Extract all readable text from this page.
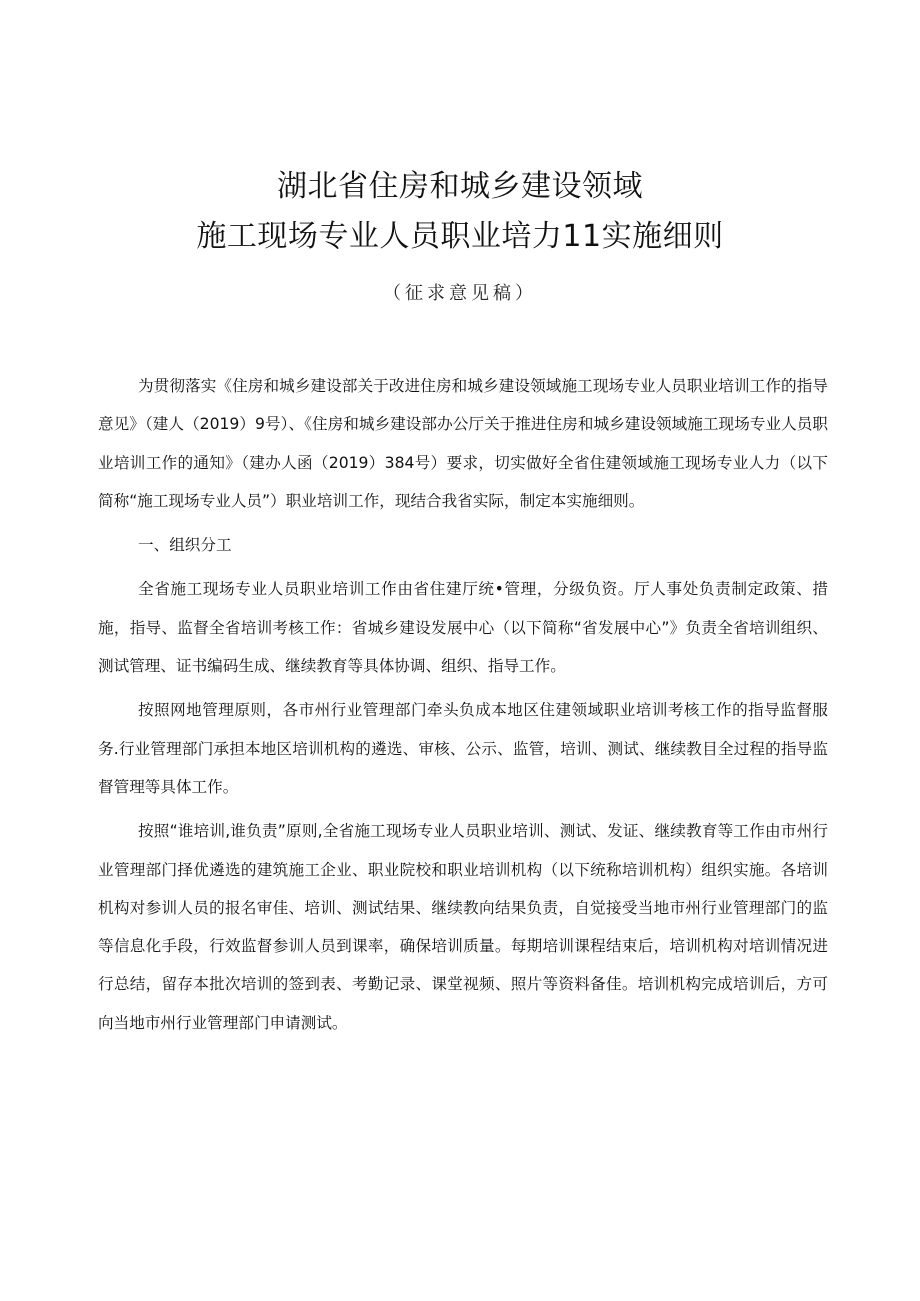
湖北省住房和城乡建设领域
施工现场专业人员职业培力11实施细则
（征求意见稿）

为贯彻落实《住房和城乡建设部关于改进住房和城乡建设领域施工现场专业人员职业培训工作的指导意见》（建人（2019）9号）、《住房和城乡建设部办公厅关于推进住房和城乡建设领域施工现场专业人员职业培训工作的通知》（建办人函（2019）384号）要求，切实做好全省住建领域施工现场专业人力（以下简称“施工现场专业人员”）职业培训工作，现结合我省实际，制定本实施细则。

一、组织分工

全省施工现场专业人员职业培训工作由省住建厅统•管理，分级负资。厅人事处负责制定政策、措施，指导、监督全省培训考核工作：省城乡建设发展中心（以下简称“省发展中心”》负责全省培训组织、测试管理、证书编码生成、继续教育等具体协调、组织、指导工作。

按照网地管理原则，各市州行业管理部门牵头负成本地区住建领域职业培训考核工作的指导监督服务.行业管理部门承担本地区培训机构的遴选、审核、公示、监管，培训、测试、继续教目全过程的指导监督管理等具体工作。

按照“谁培训,谁负责”原则,全省施工现场专业人员职业培训、测试、发证、继续教育等工作由市州行业管理部门择优遴选的建筑施工企业、职业院校和职业培训机构（以下统称培训机构）组织实施。各培训机构对参训人员的报名审佳、培训、测试结果、继续教向结果负责，自觉接受当地市州行业管理部门的监等信息化手段，行效监督参训人员到课率，确保培训质量。每期培训课程结束后，培训机构对培训情况进行总结，留存本批次培训的签到表、考勤记录、课堂视频、照片等资料备佳。培训机构完成培训后，方可向当地市州行业管理部门申请测试。
